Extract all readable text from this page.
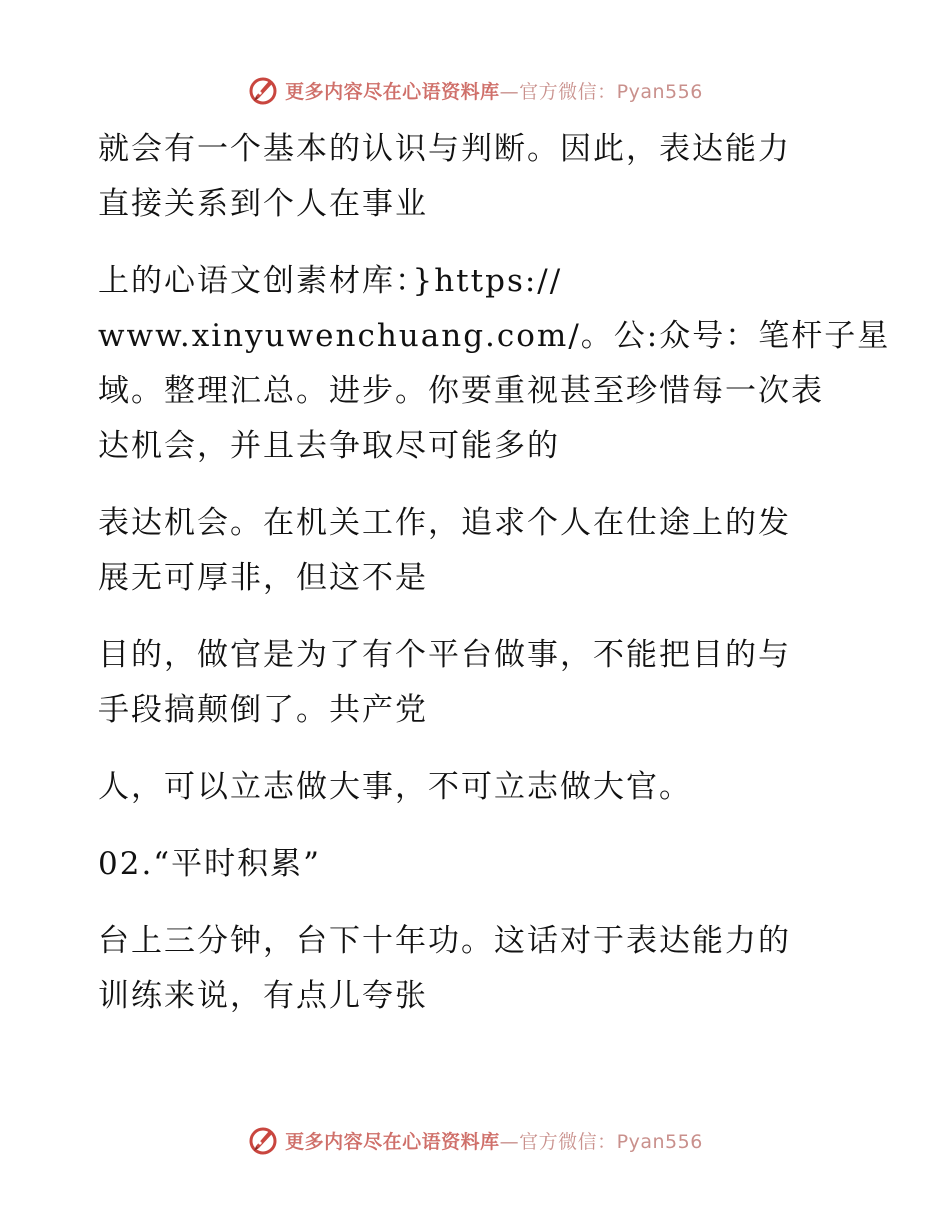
更多内容尽在心语资料库—官方微信：Pyan556

就会有一个基本的认识与判断。因此，表达能力
直接关系到个人在事业

上的心语文创素材库：}https://
www.xinyuwenchuang.com/。公:众号：笔杆子星
域。整理汇总。进步。你要重视甚至珍惜每一次表
达机会，并且去争取尽可能多的

表达机会。在机关工作，追求个人在仕途上的发
展无可厚非，但这不是

目的，做官是为了有个平台做事，不能把目的与
手段搞颠倒了。共产党

人，可以立志做大事，不可立志做大官。

02.“平时积累”

台上三分钟，台下十年功。这话对于表达能力的
训练来说，有点儿夸张

更多内容尽在心语资料库—官方微信：Pyan556
